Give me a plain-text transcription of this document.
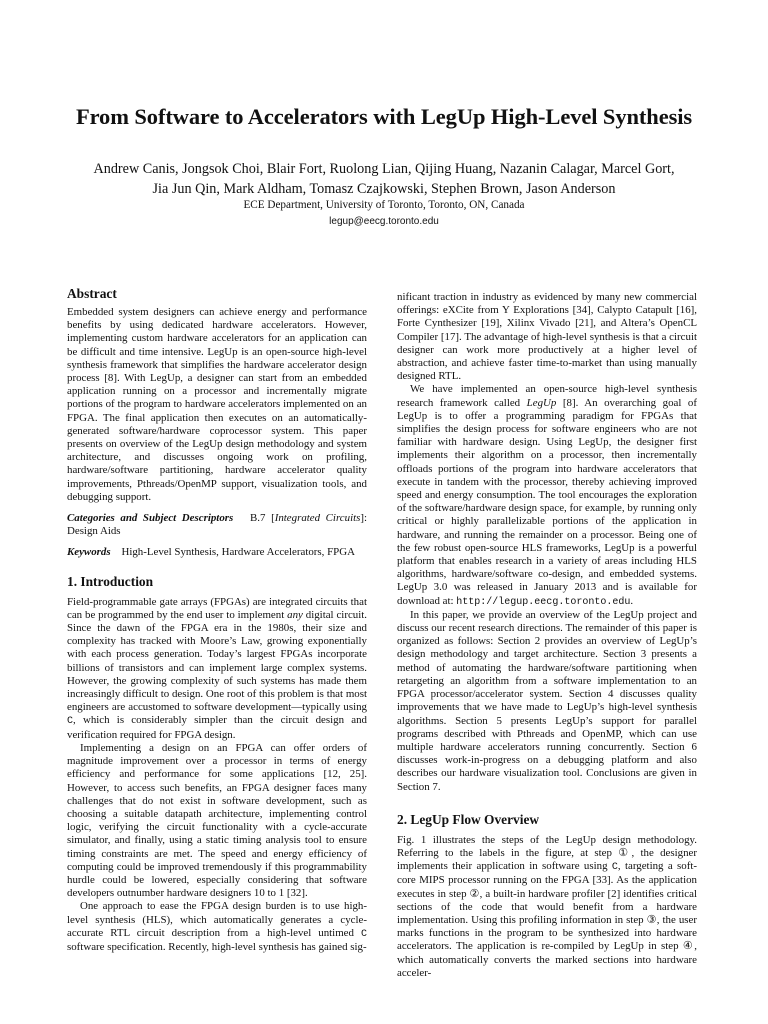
From Software to Accelerators with LegUp High-Level Synthesis
Andrew Canis, Jongsok Choi, Blair Fort, Ruolong Lian, Qijing Huang, Nazanin Calagar, Marcel Gort,
Jia Jun Qin, Mark Aldham, Tomasz Czajkowski, Stephen Brown, Jason Anderson
ECE Department, University of Toronto, Toronto, ON, Canada
legup@eecg.toronto.edu
Abstract

Embedded system designers can achieve energy and performance benefits by using dedicated hardware accelerators. However, implementing custom hardware accelerators for an application can be difficult and time intensive. LegUp is an open-source high-level synthesis framework that simplifies the hardware accelerator design process [8]. With LegUp, a designer can start from an embedded application running on a processor and incrementally migrate portions of the program to hardware accelerators implemented on an FPGA. The final application then executes on an automatically-generated software/hardware coprocessor system. This paper presents on overview of the LegUp design methodology and system architecture, and discusses ongoing work on profiling, hardware/software partitioning, hardware accelerator quality improvements, Pthreads/OpenMP support, visualization tools, and debugging support.

Categories and Subject Descriptors B.7 [Integrated Circuits]: Design Aids

Keywords High-Level Synthesis, Hardware Accelerators, FPGA

1. Introduction

Field-programmable gate arrays (FPGAs) are integrated circuits that can be programmed by the end user to implement any digital circuit. Since the dawn of the FPGA era in the 1980s, their size and complexity has tracked with Moore’s Law, growing exponentially with each process generation. Today’s largest FPGAs incorporate billions of transistors and can implement large complex systems. However, the growing complexity of such systems has made them increasingly difficult to design. One root of this problem is that most engineers are accustomed to software development—typically using C, which is considerably simpler than the circuit design and verification required for FPGA design.

Implementing a design on an FPGA can offer orders of magnitude improvement over a processor in terms of energy efficiency and performance for some applications [12, 25]. However, to access such benefits, an FPGA designer faces many challenges that do not exist in software development, such as choosing a suitable datapath architecture, implementing control logic, verifying the circuit functionality with a cycle-accurate simulator, and finally, using a static timing analysis tool to ensure timing constraints are met. The speed and energy efficiency of computing could be improved tremendously if this programmability hurdle could be lowered, especially considering that software developers outnumber hardware designers 10 to 1 [32].

One approach to ease the FPGA design burden is to use high-level synthesis (HLS), which automatically generates a cycle-accurate RTL circuit description from a high-level untimed C software specification. Recently, high-level synthesis has gained sig-

nificant traction in industry as evidenced by many new commercial offerings: eXCite from Y Explorations [34], Calypto Catapult [16], Forte Cynthesizer [19], Xilinx Vivado [21], and Altera’s OpenCL Compiler [17]. The advantage of high-level synthesis is that a circuit designer can work more productively at a higher level of abstraction, and achieve faster time-to-market than using manually designed RTL.

We have implemented an open-source high-level synthesis research framework called LegUp [8]. An overarching goal of LegUp is to offer a programming paradigm for FPGAs that simplifies the design process for software engineers who are not familiar with hardware design. Using LegUp, the designer first implements their algorithm on a processor, then incrementally offloads portions of the program into hardware accelerators that execute in tandem with the processor, thereby achieving improved speed and energy consumption. The tool encourages the exploration of the software/hardware design space, for example, by running only critical or highly parallelizable portions of the application in hardware, and running the remainder on a processor. Being one of the few robust open-source HLS frameworks, LegUp is a powerful platform that enables research in a variety of areas including HLS algorithms, hardware/software co-design, and embedded systems. LegUp 3.0 was released in January 2013 and is available for download at: http://legup.eecg.toronto.edu.

In this paper, we provide an overview of the LegUp project and discuss our recent research directions. The remainder of this paper is organized as follows: Section 2 provides an overview of LegUp’s design methodology and target architecture. Section 3 presents a method of automating the hardware/software partitioning when retargeting an algorithm from a software implementation to an FPGA processor/accelerator system. Section 4 discusses quality improvements that we have made to LegUp’s high-level synthesis algorithms. Section 5 presents LegUp’s support for parallel programs described with Pthreads and OpenMP, which can use multiple hardware accelerators running concurrently. Section 6 discusses work-in-progress on a debugging platform and also describes our hardware visualization tool. Conclusions are given in Section 7.

2. LegUp Flow Overview

Fig. 1 illustrates the steps of the LegUp design methodology. Referring to the labels in the figure, at step ①, the designer implements their application in software using C, targeting a soft-core MIPS processor running on the FPGA [33]. As the application executes in step ②, a built-in hardware profiler [2] identifies critical sections of the code that would benefit from a hardware implementation. Using this profiling information in step ③, the user marks functions in the program to be synthesized into hardware accelerators. The application is re-compiled by LegUp in step ④, which automatically converts the marked sections into hardware acceler-
